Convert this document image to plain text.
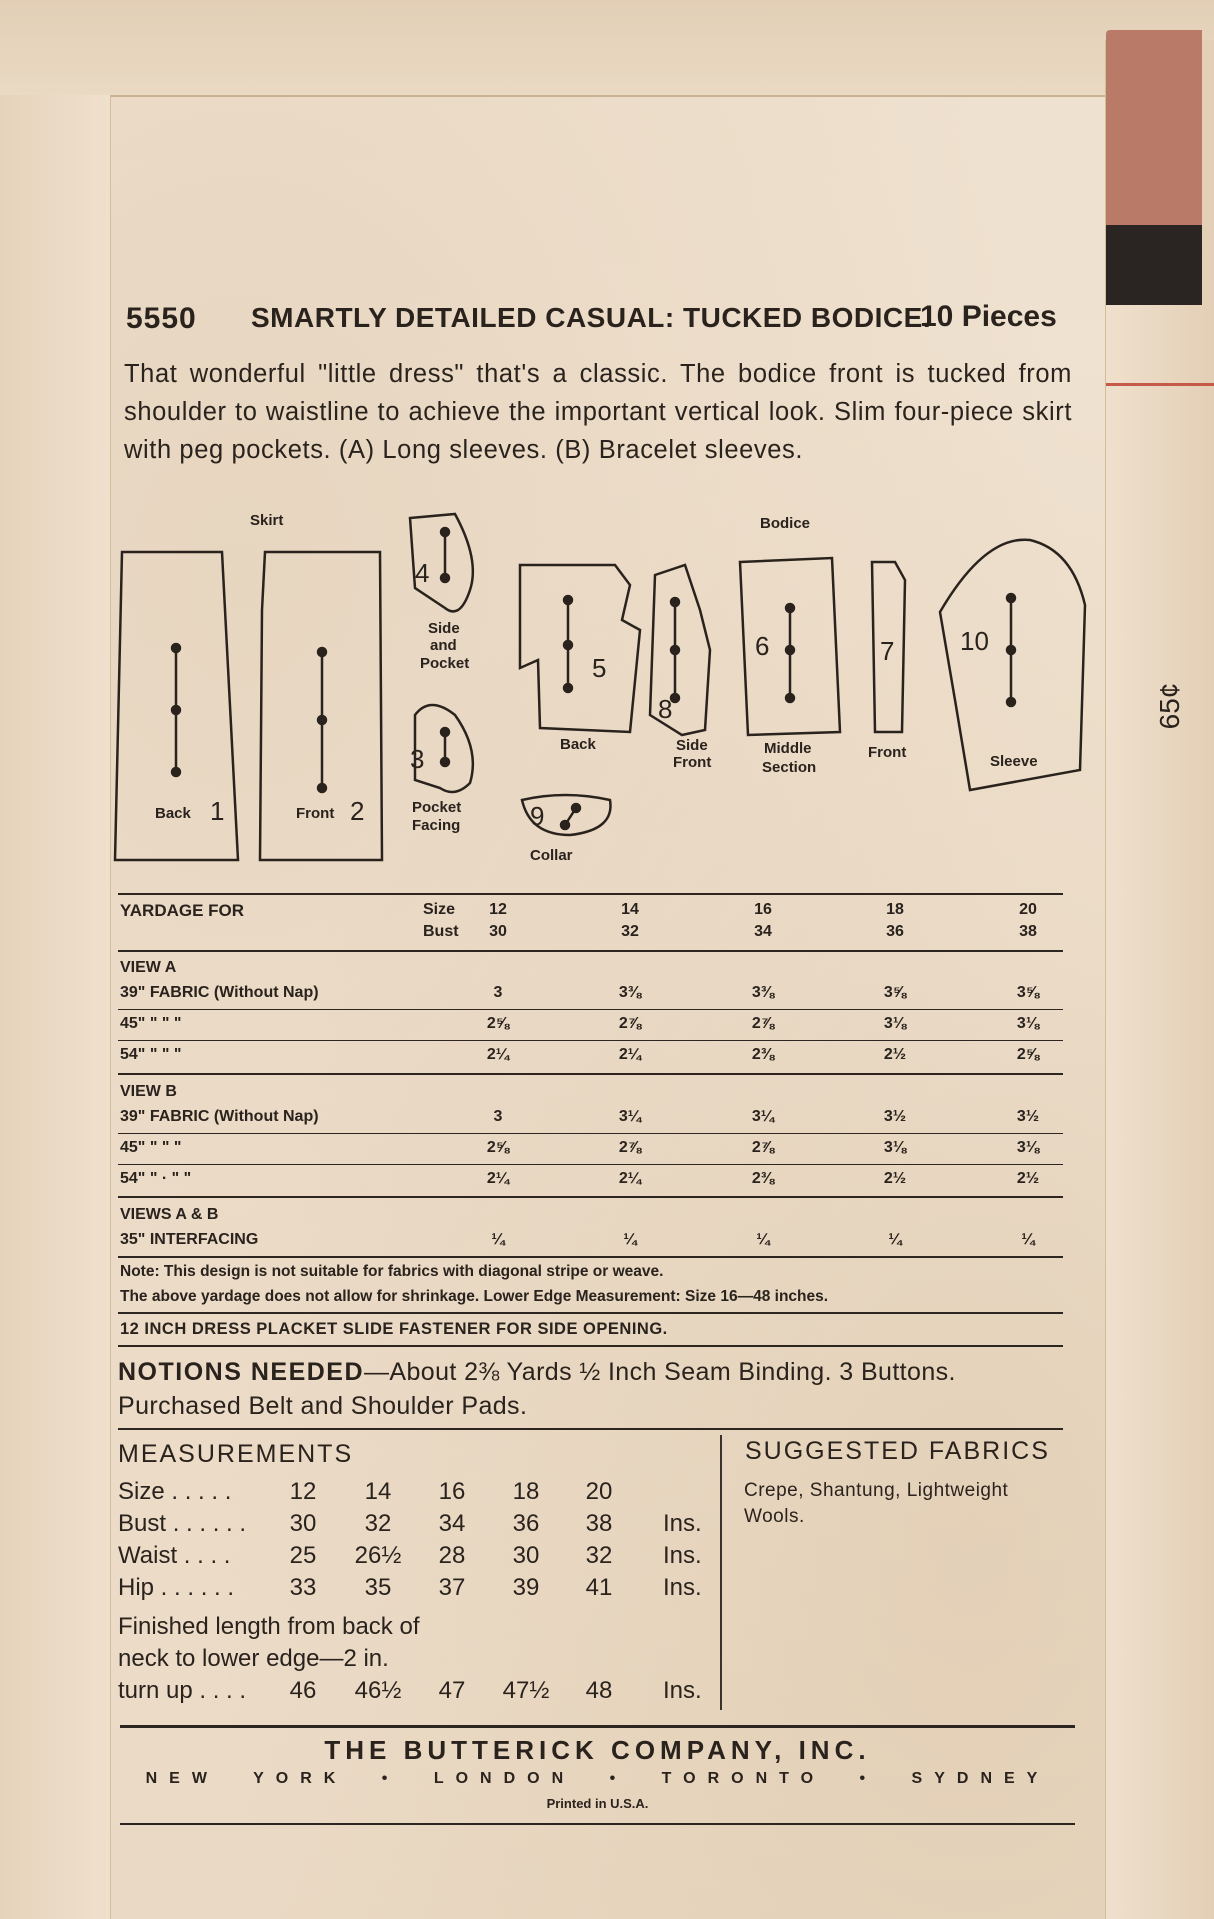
65¢
5550 SMARTLY DETAILED CASUAL: TUCKED BODICE.
10 Pieces
That wonderful "little dress" that's a classic. The bodice front is tucked from shoulder to waistline to achieve the important vertical look. Slim four-piece skirt with peg pockets. (A) Long sleeves. (B) Bracelet sleeves.
Skirt	Bodice
Back 1	Front 2
4
Side
and
Pocket
3
Pocket
Facing
5
Back
8
Side
Front
6
Middle
Section
7
Front
10
Sleeve
9
Collar
YARDAGE FOR	Size	12	14	16	18	20
Bust	30	32	34	36	38
VIEW A
39" FABRIC (Without Nap)	3	3⅜	3⅜	3⅝	3⅝
45" " " "	2⅝	2⅞	2⅞	3⅛	3⅛
54" " " "	2¼	2¼	2⅜	2½	2⅝
VIEW B
39" FABRIC (Without Nap)	3	3¼	3¼	3½	3½
45" " " "	2⅝	2⅞	2⅞	3⅛	3⅛
54" " · " "	2¼	2¼	2⅜	2½	2½
VIEWS A & B
35" INTERFACING	¼	¼	¼	¼	¼
Note: This design is not suitable for fabrics with diagonal stripe or weave.
The above yardage does not allow for shrinkage. Lower Edge Measurement: Size 16—48 inches.
12 INCH DRESS PLACKET SLIDE FASTENER FOR SIDE OPENING.
NOTIONS NEEDED—About 2⅜ Yards ½ Inch Seam Binding. 3 Buttons. Purchased Belt and Shoulder Pads.
MEASUREMENTS
Size . . . . .	12	14	16	18	20
Bust . . . . . .	30	32	34	36	38	Ins.
Waist . . . .	25	26½	28	30	32	Ins.
Hip . . . . . .	33	35	37	39	41	Ins.
Finished length from back of
neck to lower edge—2 in.
turn up . . . .	46	46½	47	47½	48	Ins.
SUGGESTED FABRICS
Crepe, Shantung, Lightweight Wools.
THE BUTTERICK COMPANY, INC.
NEW YORK • LONDON • TORONTO • SYDNEY
Printed in U.S.A.
